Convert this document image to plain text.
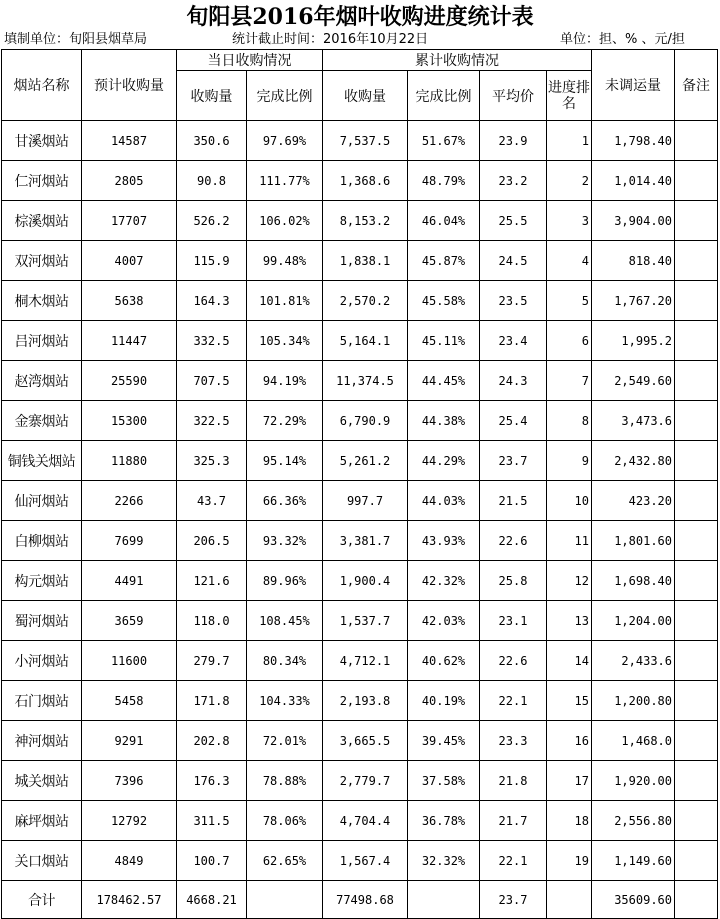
旬阳县2016年烟叶收购进度统计表
填制单位：旬阳县烟草局	统计截止时间：2016年10月22日	单位：担、% 、元/担
烟站名称	预计收购量	当日收购情况		累计收购情况				未调运量	备注
		收购量	完成比例	收购量	完成比例	平均价	进度排名		
甘溪烟站	14587	350.6	97.69%	7,537.5	51.67%	23.9	1	1,798.40	
仁河烟站	2805	90.8	111.77%	1,368.6	48.79%	23.2	2	1,014.40	
棕溪烟站	17707	526.2	106.02%	8,153.2	46.04%	25.5	3	3,904.00	
双河烟站	4007	115.9	99.48%	1,838.1	45.87%	24.5	4	818.40	
桐木烟站	5638	164.3	101.81%	2,570.2	45.58%	23.5	5	1,767.20	
吕河烟站	11447	332.5	105.34%	5,164.1	45.11%	23.4	6	1,995.2	
赵湾烟站	25590	707.5	94.19%	11,374.5	44.45%	24.3	7	2,549.60	
金寨烟站	15300	322.5	72.29%	6,790.9	44.38%	25.4	8	3,473.6	
铜钱关烟站	11880	325.3	95.14%	5,261.2	44.29%	23.7	9	2,432.80	
仙河烟站	2266	43.7	66.36%	997.7	44.03%	21.5	10	423.20	
白柳烟站	7699	206.5	93.32%	3,381.7	43.93%	22.6	11	1,801.60	
构元烟站	4491	121.6	89.96%	1,900.4	42.32%	25.8	12	1,698.40	
蜀河烟站	3659	118.0	108.45%	1,537.7	42.03%	23.1	13	1,204.00	
小河烟站	11600	279.7	80.34%	4,712.1	40.62%	22.6	14	2,433.6	
石门烟站	5458	171.8	104.33%	2,193.8	40.19%	22.1	15	1,200.80	
神河烟站	9291	202.8	72.01%	3,665.5	39.45%	23.3	16	1,468.0	
城关烟站	7396	176.3	78.88%	2,779.7	37.58%	21.8	17	1,920.00	
麻坪烟站	12792	311.5	78.06%	4,704.4	36.78%	21.7	18	2,556.80	
关口烟站	4849	100.7	62.65%	1,567.4	32.32%	22.1	19	1,149.60	
合计	178462.57	4668.21		77498.68		23.7		35609.60	
